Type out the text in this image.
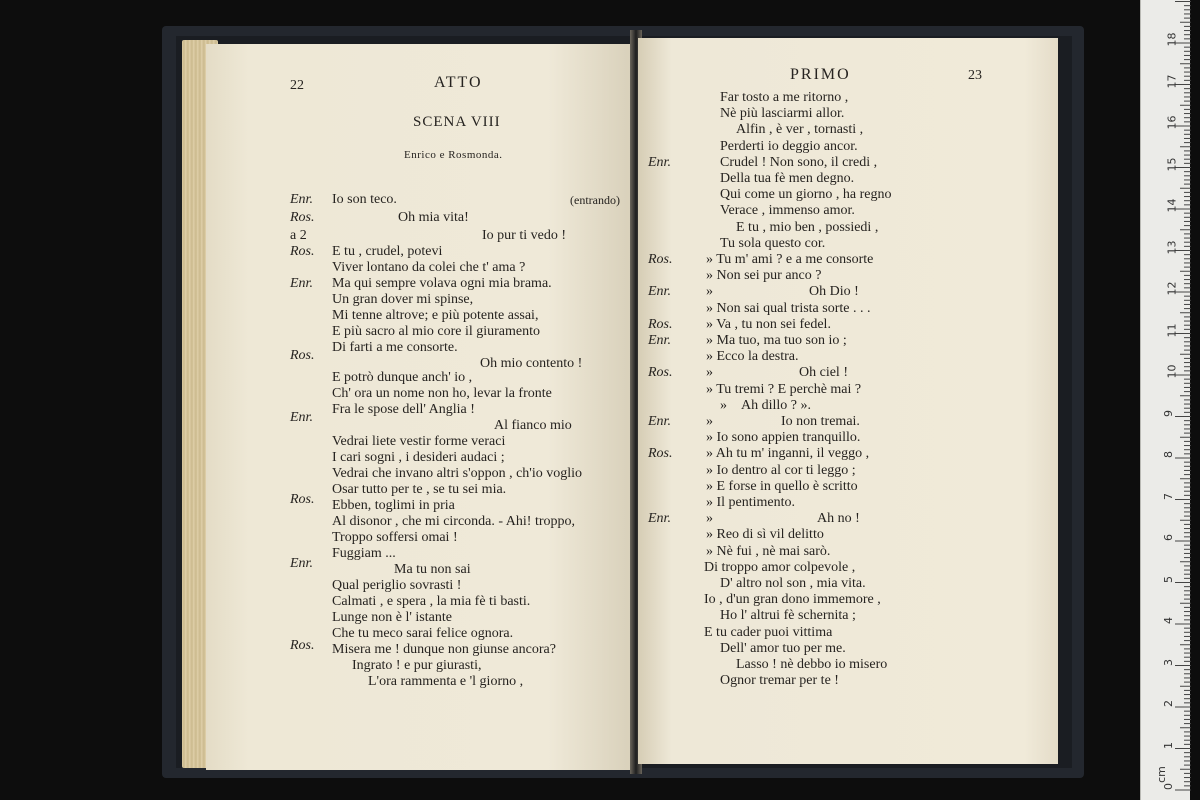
22	ATTO
SCENA VIII
Enrico e Rosmonda.
Io son teco.
Enr.	(entrando)
Oh mia vita!
Ros.
Io pur ti vedo !
a 2
E tu , crudel, potevi
Ros.
Viver lontano da colei che t' ama ?
Ma qui sempre volava ogni mia brama.
Enr.
Un gran dover mi spinse,
Mi tenne altrove; e più potente assai,
E più sacro al mio core il giuramento
Di farti a me consorte.
Oh mio contento !
E potrò dunque anch' io ,
Ros.
Ch' ora un nome non ho, levar la fronte
Fra le spose dell' Anglia !
Al fianco mio
Vedrai liete vestir forme veraci
Enr.
I cari sogni , i desideri audaci ;
Vedrai che invano altri s'oppon , ch'io voglio
Osar tutto per te , se tu sei mia.
Ebben, toglimi in pria
Ros.
Al disonor , che mi circonda. - Ahi! troppo,
Troppo soffersi omai !
Fuggiam ...
Ma tu non sai
Enr.
Qual periglio sovrasti !
Calmati , e spera , la mia fè ti basti.
Lunge non è l' istante
Che tu meco sarai felice ognora.
Misera me ! dunque non giunse ancora?
Ros.
Ingrato ! e pur giurasti,
L'ora rammenta e 'l giorno ,
PRIMO	23
Far tosto a me ritorno ,
Nè più lasciarmi allor.
Alfin , è ver , tornasti ,
Perderti io deggio ancor.
Crudel ! Non sono, il credi ,
Enr.
Della tua fè men degno.
Qui come un giorno , ha regno
Verace , immenso amor.
E tu , mio ben , possiedi ,
Tu sola questo cor.
» Tu m' ami ? e a me consorte
Ros.
» Non sei pur anco ?
»	Oh Dio !
Enr.
» Non sai qual trista sorte . . .
» Va , tu non sei fedel.
Ros.
» Ma tuo, ma tuo son io ;
Enr.
» Ecco la destra.
»	Oh ciel !
Ros.
» Tu tremi ? E perchè mai ?
» Ah dillo ? ».
»	Io non tremai.
Enr.
» Io sono appien tranquillo.
» Ah tu m' inganni, il veggo ,
Ros.
» Io dentro al cor ti leggo ;
» E forse in quello è scritto
» Il pentimento.
»	Ah no !
Enr.
» Reo di sì vil delitto
» Nè fui , nè mai sarò.
Di troppo amor colpevole ,
D' altro nol son , mia vita.
Io , d'un gran dono immemore ,
Ho l' altrui fè schernita ;
E tu cader puoi vittima
Dell' amor tuo per me.
Lasso ! nè debbo io misero
Ognor tremar per te !
0
1
2
3
4
5
6
7
8
9
10
11
12
13
14
15
16
17
18
cm
